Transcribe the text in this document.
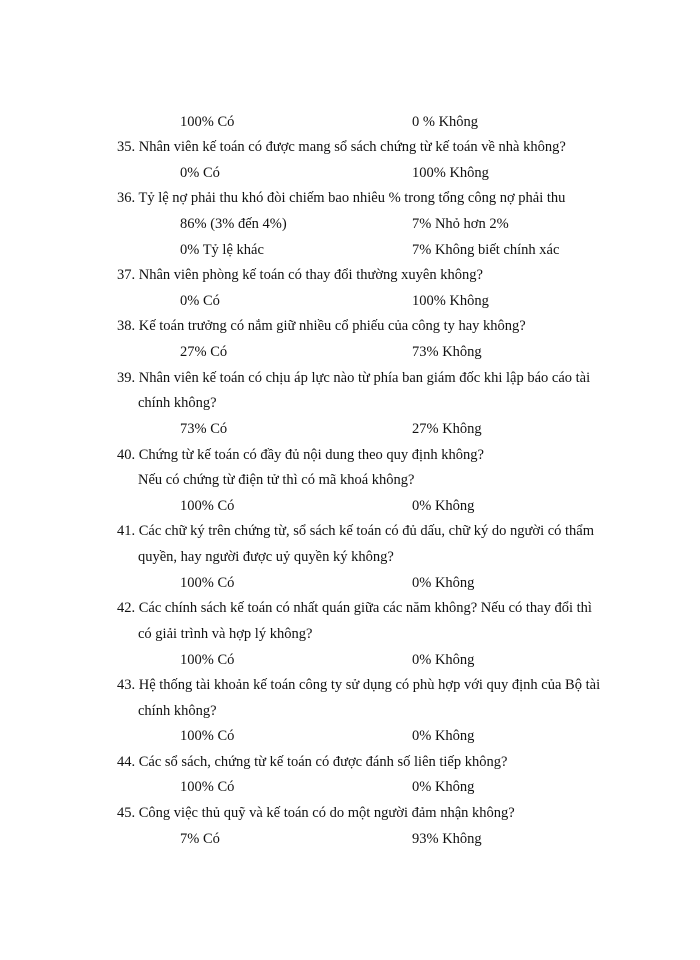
100% Có	0 % Không
35. Nhân viên kế toán có được mang sổ sách chứng từ kế toán về nhà không?
0% Có	100% Không
36. Tỷ lệ nợ phải thu khó đòi chiếm bao nhiêu % trong tổng công nợ phải thu
86% (3% đến 4%)	7% Nhỏ hơn 2%
0% Tỷ lệ khác	7% Không biết chính xác
37. Nhân viên phòng kế toán có thay đổi thường xuyên không?
0% Có	100% Không
38. Kế toán trưởng có nắm giữ nhiều cổ phiếu của công ty hay không?
27% Có	73% Không
39. Nhân viên kế toán có chịu áp lực nào từ phía ban giám đốc khi lập báo cáo tài
chính không?
73% Có	27% Không
40. Chứng từ kế toán có đầy đủ nội dung theo quy định không?
Nếu có chứng từ điện tử thì có mã khoá không?
100% Có	0% Không
41. Các chữ ký trên chứng từ, sổ sách kế toán có đủ dấu, chữ ký do người có thẩm
quyền, hay người được uỷ quyền ký không?
100% Có	0% Không
42. Các chính sách kế toán có nhất quán giữa các năm không? Nếu có thay đổi thì
có giải trình và hợp lý không?
100% Có	0% Không
43. Hệ thống tài khoản kế toán công ty sử dụng có phù hợp với quy định của Bộ tài
chính không?
100% Có	0% Không
44. Các sổ sách, chứng từ kế toán có được đánh số liên tiếp không?
100% Có	0% Không
45. Công việc thủ quỹ và kế toán có do một người đảm nhận không?
7% Có	93% Không
